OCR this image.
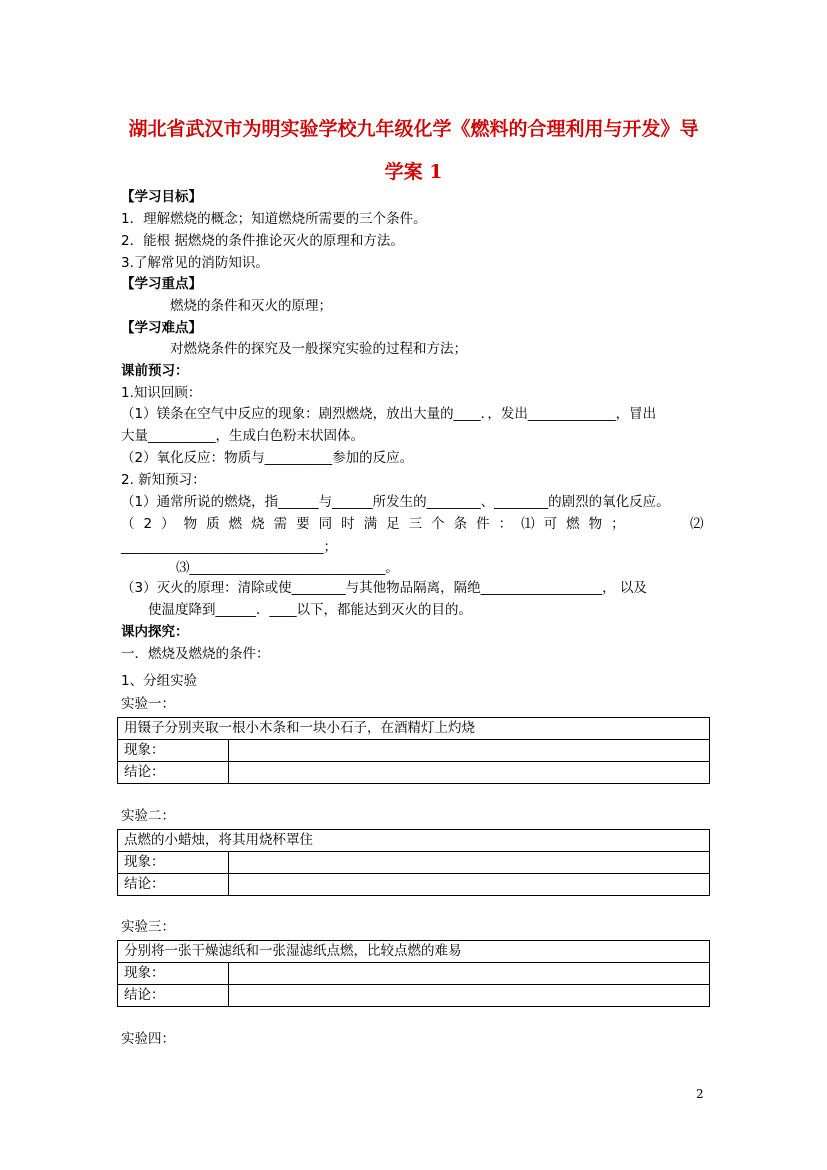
湖北省武汉市为明实验学校九年级化学《燃料的合理利用与开发》导
学案 1
【学习目标】
1．理解燃烧的概念；知道燃烧所需要的三个条件。
2．能根 据燃烧的条件推论灭火的原理和方法。
3.了解常见的消防知识。
【学习重点】
燃烧的条件和灭火的原理；
【学习难点】
对燃烧条件的探究及一般探究实验的过程和方法；
课前预习：
1.知识回顾：
（1）镁条在空气中反应的现象：剧烈燃烧，放出大量的____．，发出_____________，冒出
大量__________，生成白色粉末状固体。
（2）氧化反应：物质与__________参加的反应。
2. 新知预习：
（1）通常所说的燃烧，指______与______所发生的________、________的剧烈的氧化反应。
（2）物质燃烧需要同时满足三个条件：⑴可燃物；	⑵
______________________________；
⑶_____________________________。
（3）灭火的原理：清除或使________与其他物品隔离，隔绝__________________， 以及
使温度降到______．____以下，都能达到灭火的目的。
课内探究：
一．燃烧及燃烧的条件：
1、分组实验
实验一：
用镊子分别夹取一根小木条和一块小石子，在酒精灯上灼烧	
现象：	
结论：	
实验二：
点燃的小蜡烛，将其用烧杯罩住	
现象：	
结论：	
实验三：
分别将一张干燥滤纸和一张湿滤纸点燃，比较点燃的难易	
现象：	
结论：	
实验四：
2
